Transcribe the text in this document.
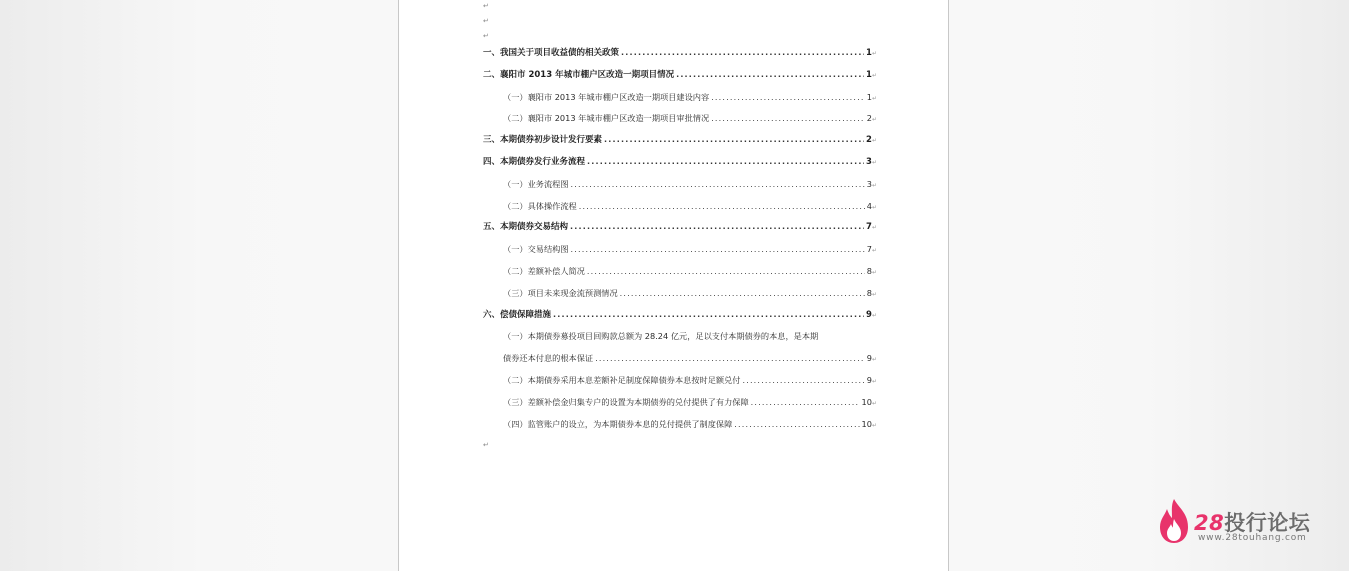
↵
↵
↵
一、我国关于项目收益债的相关政策 .....	1 ↵
二、襄阳市 2013 年城市棚户区改造一期项目情况 .....	1 ↵
（一）襄阳市 2013 年城市棚户区改造一期项目建设内容 .....	1 ↵
（二）襄阳市 2013 年城市棚户区改造一期项目审批情况 .....	2 ↵
三、本期债券初步设计发行要素 .....	2 ↵
四、本期债券发行业务流程 .....	3 ↵
（一）业务流程图 .....	3 ↵
（二）具体操作流程 .....	4 ↵
五、本期债券交易结构 .....	7 ↵
（一）交易结构图 .....	7 ↵
（二）差额补偿人简况 .....	8 ↵
（三）项目未来现金流预测情况 .....	8 ↵
六、偿债保障措施 .....	9 ↵
（一）本期债券募投项目回购款总额为 28.24 亿元，足以支付本期债券的本息，是本期
债券还本付息的根本保证 .....	9 ↵
（二）本期债券采用本息差额补足制度保障债券本息按时足额兑付 .....	9 ↵
（三）差额补偿金归集专户的设置为本期债券的兑付提供了有力保障 .....	10 ↵
（四）监管账户的设立，为本期债券本息的兑付提供了制度保障 .....	10 ↵
↵
28投行论坛
www.28touhang.com
